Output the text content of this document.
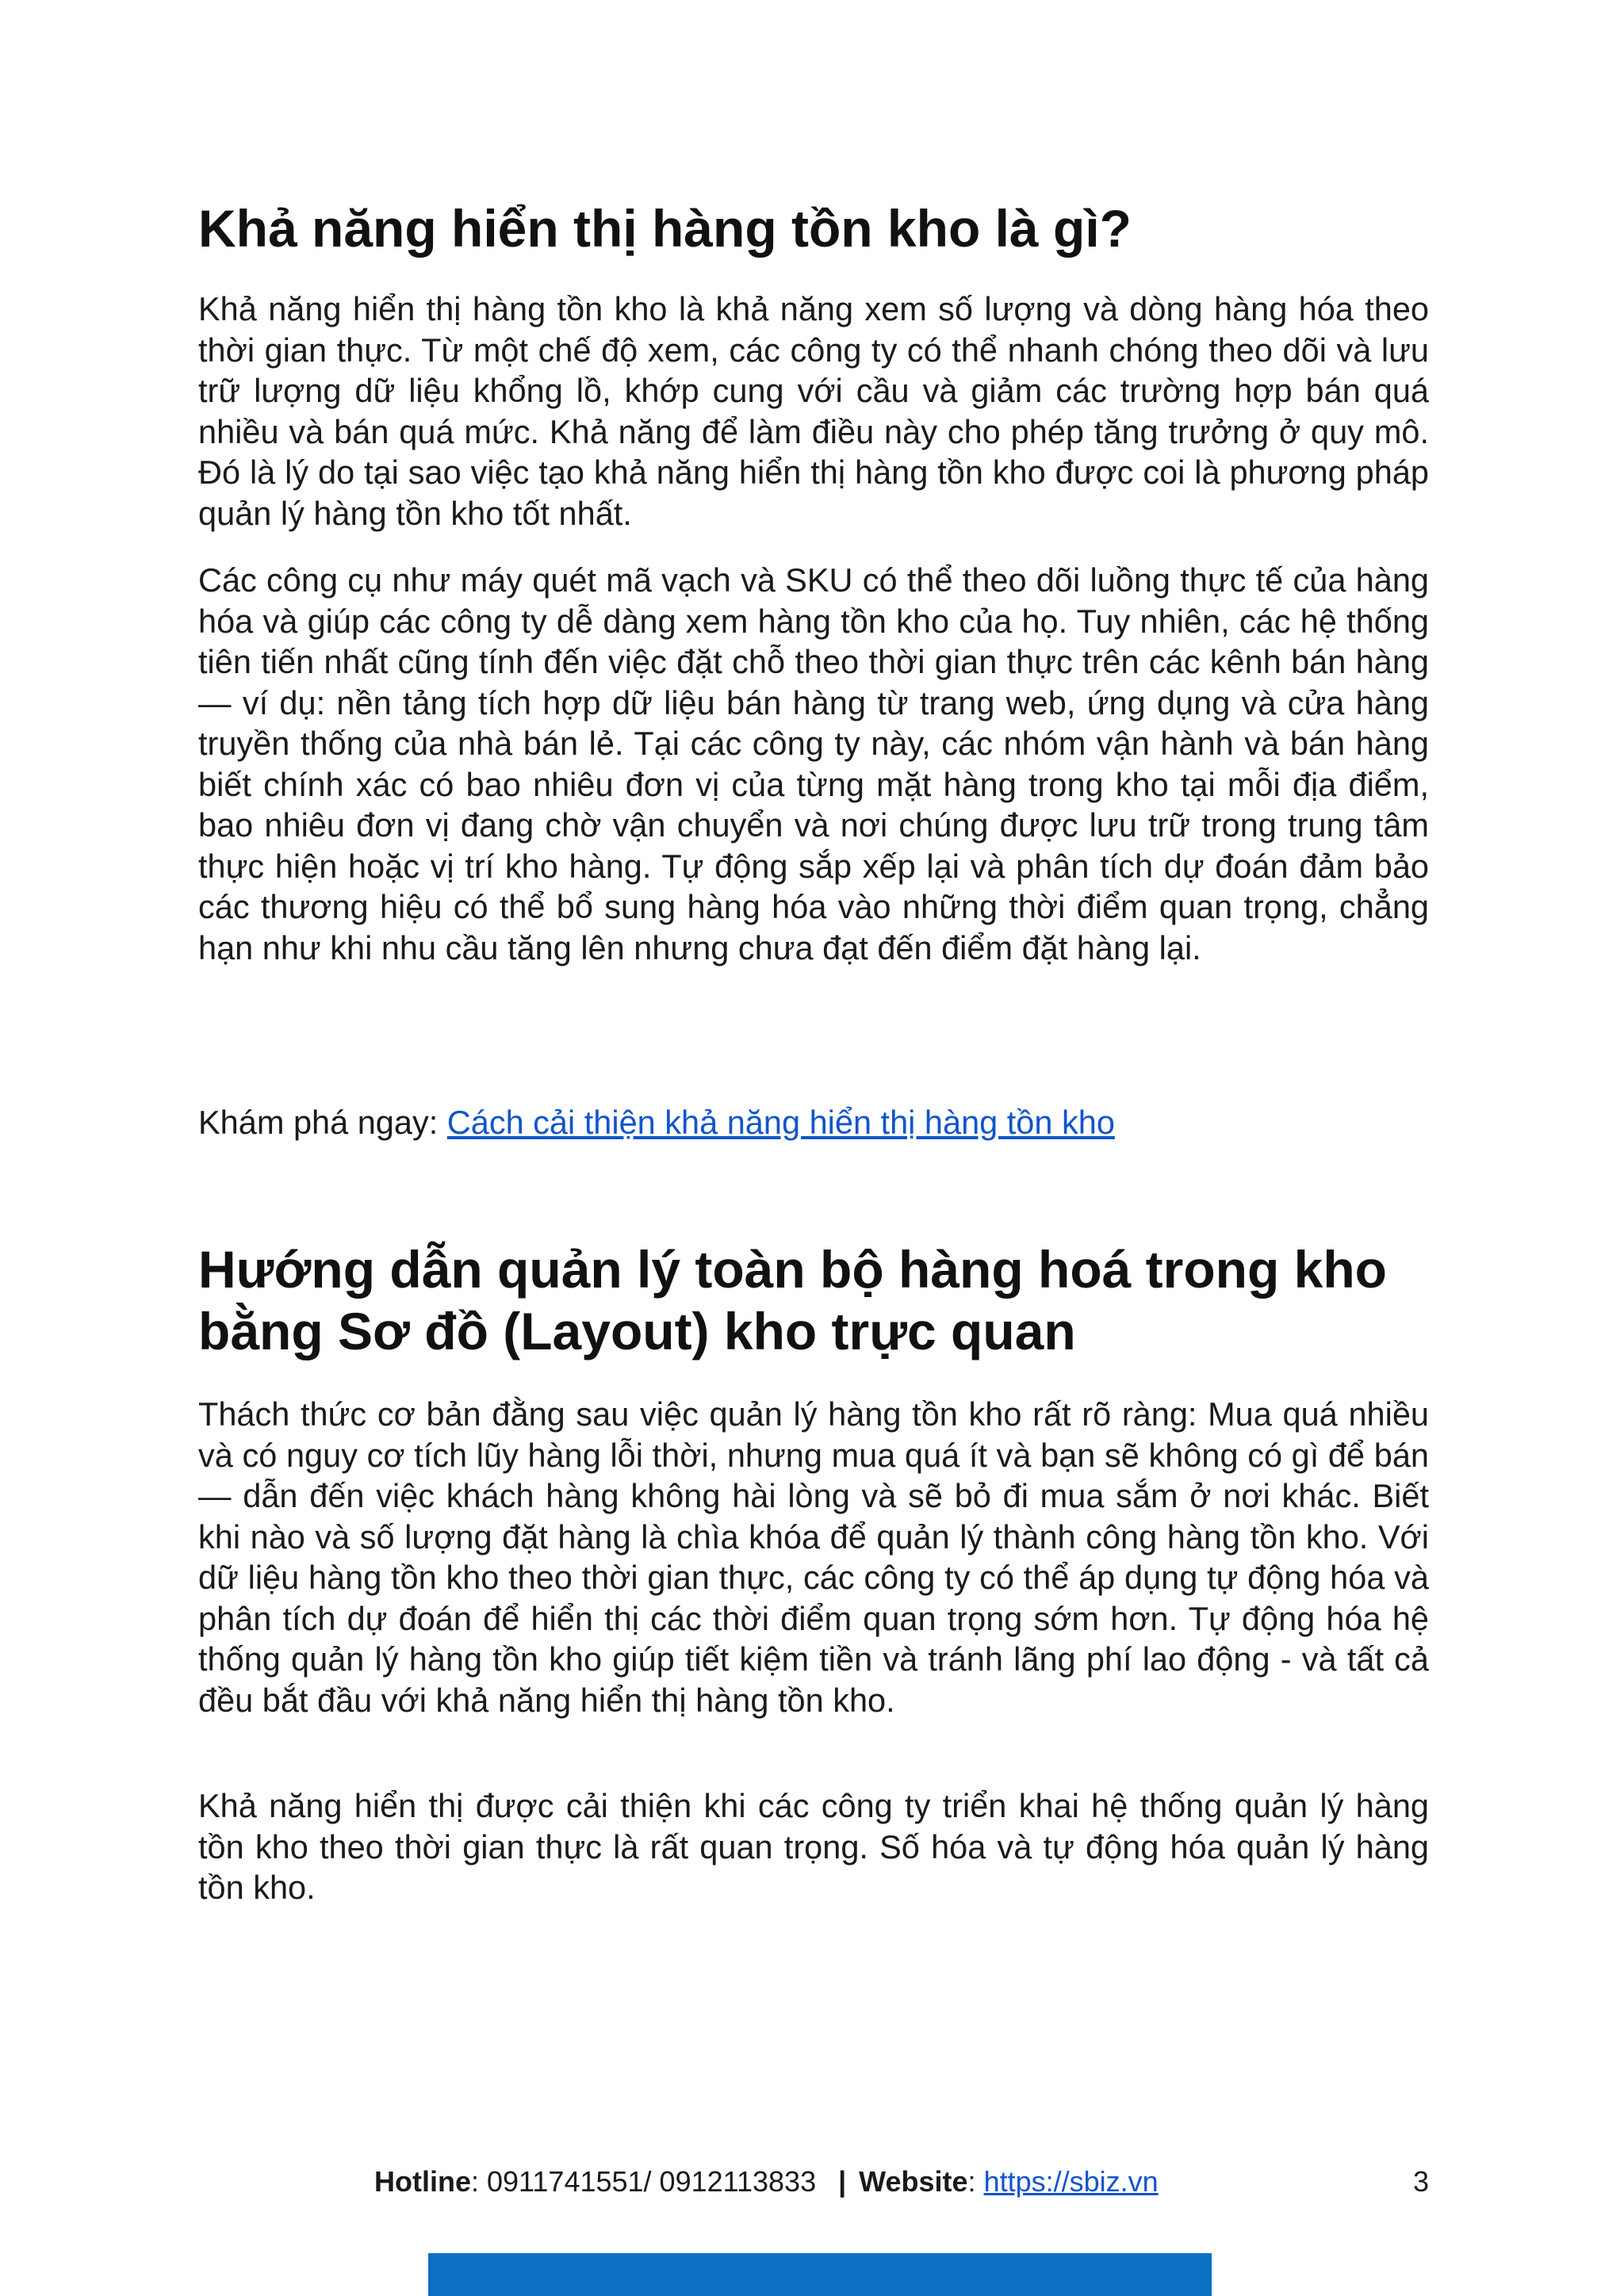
Khả năng hiển thị hàng tồn kho là gì?

Khả năng hiển thị hàng tồn kho là khả năng xem số lượng và dòng hàng hóa theo thời gian thực. Từ một chế độ xem, các công ty có thể nhanh chóng theo dõi và lưu trữ lượng dữ liệu khổng lồ, khớp cung với cầu và giảm các trường hợp bán quá nhiều và bán quá mức. Khả năng để làm điều này cho phép tăng trưởng ở quy mô. Đó là lý do tại sao việc tạo khả năng hiển thị hàng tồn kho được coi là phương pháp quản lý hàng tồn kho tốt nhất.

Các công cụ như máy quét mã vạch và SKU có thể theo dõi luồng thực tế của hàng hóa và giúp các công ty dễ dàng xem hàng tồn kho của họ. Tuy nhiên, các hệ thống tiên tiến nhất cũng tính đến việc đặt chỗ theo thời gian thực trên các kênh bán hàng — ví dụ: nền tảng tích hợp dữ liệu bán hàng từ trang web, ứng dụng và cửa hàng truyền thống của nhà bán lẻ. Tại các công ty này, các nhóm vận hành và bán hàng biết chính xác có bao nhiêu đơn vị của từng mặt hàng trong kho tại mỗi địa điểm, bao nhiêu đơn vị đang chờ vận chuyển và nơi chúng được lưu trữ trong trung tâm thực hiện hoặc vị trí kho hàng. Tự động sắp xếp lại và phân tích dự đoán đảm bảo các thương hiệu có thể bổ sung hàng hóa vào những thời điểm quan trọng, chẳng hạn như khi nhu cầu tăng lên nhưng chưa đạt đến điểm đặt hàng lại.

Khám phá ngay: Cách cải thiện khả năng hiển thị hàng tồn kho

Hướng dẫn quản lý toàn bộ hàng hoá trong kho bằng Sơ đồ (Layout) kho trực quan

Thách thức cơ bản đằng sau việc quản lý hàng tồn kho rất rõ ràng: Mua quá nhiều và có nguy cơ tích lũy hàng lỗi thời, nhưng mua quá ít và bạn sẽ không có gì để bán — dẫn đến việc khách hàng không hài lòng và sẽ bỏ đi mua sắm ở nơi khác. Biết khi nào và số lượng đặt hàng là chìa khóa để quản lý thành công hàng tồn kho. Với dữ liệu hàng tồn kho theo thời gian thực, các công ty có thể áp dụng tự động hóa và phân tích dự đoán để hiển thị các thời điểm quan trọng sớm hơn. Tự động hóa hệ thống quản lý hàng tồn kho giúp tiết kiệm tiền và tránh lãng phí lao động - và tất cả đều bắt đầu với khả năng hiển thị hàng tồn kho.

Khả năng hiển thị được cải thiện khi các công ty triển khai hệ thống quản lý hàng tồn kho theo thời gian thực là rất quan trọng. Số hóa và tự động hóa quản lý hàng tồn kho.

Hotline: 0911741551/ 0912113833 | Website: https://sbiz.vn	3
